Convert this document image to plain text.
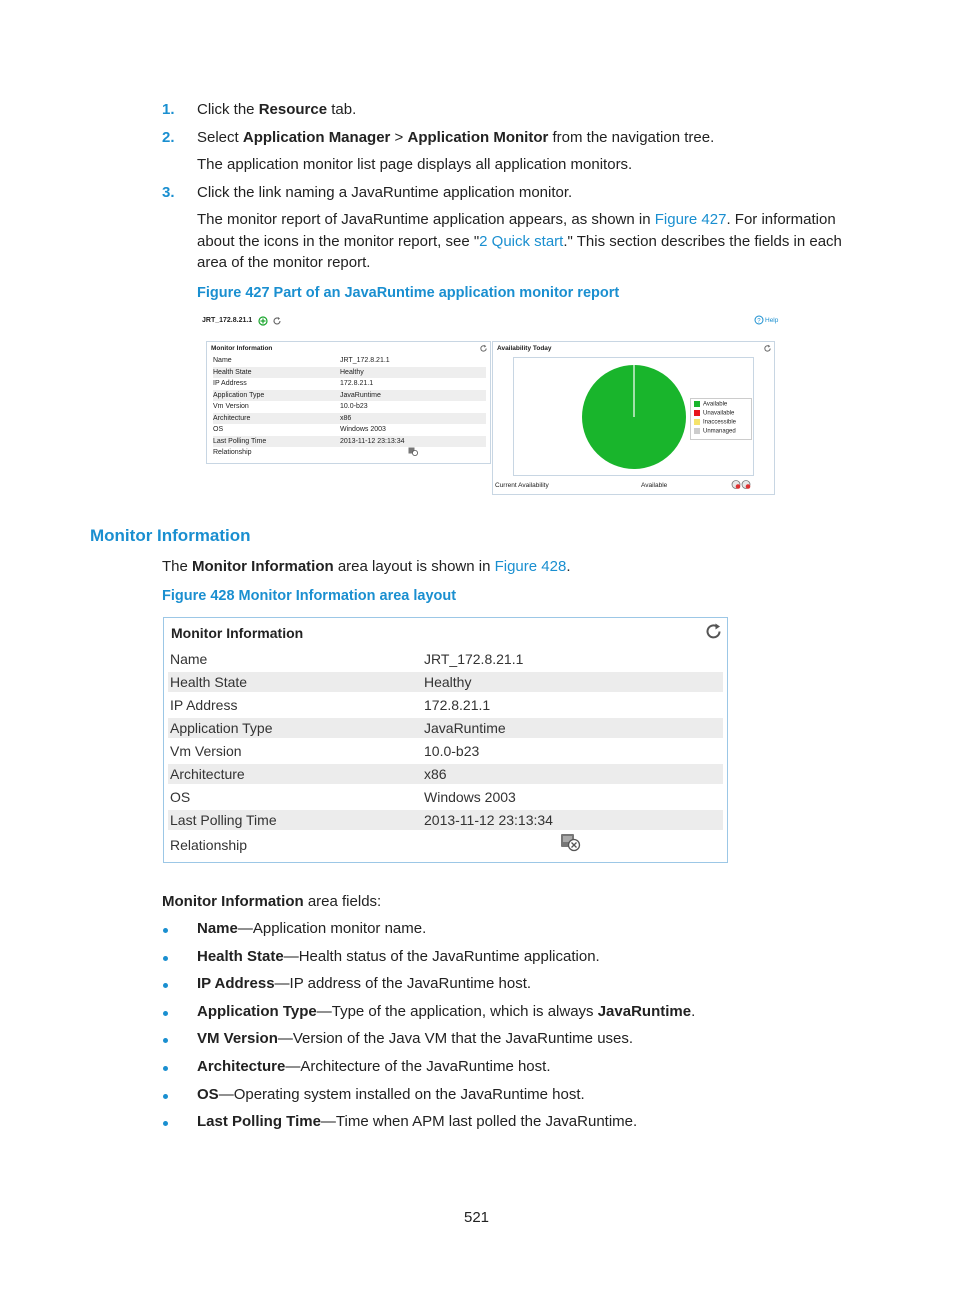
1. Click the Resource tab.
2. Select Application Manager > Application Monitor from the navigation tree.
The application monitor list page displays all application monitors.
3. Click the link naming a JavaRuntime application monitor.
The monitor report of JavaRuntime application appears, as shown in Figure 427. For information
about the icons in the monitor report, see "2 Quick start." This section describes the fields in each
area of the monitor report.
Figure 427 Part of an JavaRuntime application monitor report
JRT_172.8.21.1	? Help
Monitor Information
Name	JRT_172.8.21.1
Health State	Healthy
IP Address	172.8.21.1
Application Type	JavaRuntime
Vm Version	10.0-b23
Architecture	x86
OS	Windows 2003
Last Polling Time	2013-11-12 23:13:34
Relationship
Availability Today
Available
Unavailable
Inaccessible
Unmanaged
Current Availability	Available
Monitor Information
The Monitor Information area layout is shown in Figure 428.
Figure 428 Monitor Information area layout
Monitor Information
Name	JRT_172.8.21.1
Health State	Healthy
IP Address	172.8.21.1
Application Type	JavaRuntime
Vm Version	10.0-b23
Architecture	x86
OS	Windows 2003
Last Polling Time	2013-11-12 23:13:34
Relationship
Monitor Information area fields:
Name—Application monitor name.
Health State—Health status of the JavaRuntime application.
IP Address—IP address of the JavaRuntime host.
Application Type—Type of the application, which is always JavaRuntime.
VM Version—Version of the Java VM that the JavaRuntime uses.
Architecture—Architecture of the JavaRuntime host.
OS—Operating system installed on the JavaRuntime host.
Last Polling Time—Time when APM last polled the JavaRuntime.
521
